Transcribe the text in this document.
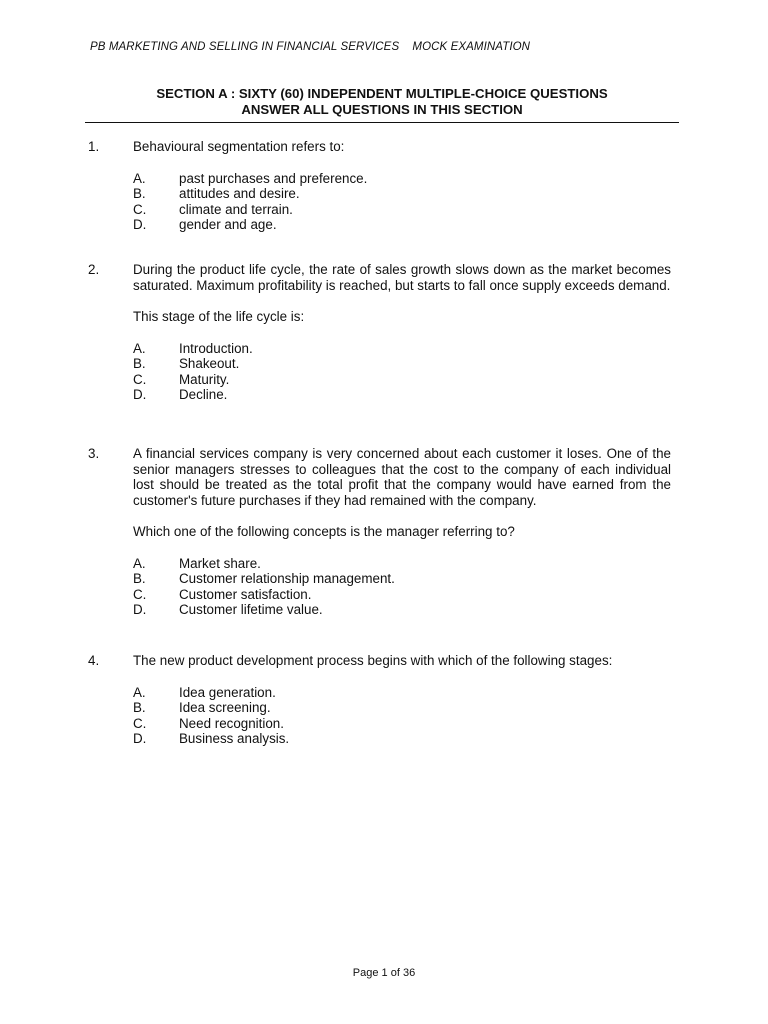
PB MARKETING AND SELLING IN FINANCIAL SERVICES    MOCK EXAMINATION
SECTION A : SIXTY (60) INDEPENDENT MULTIPLE-CHOICE QUESTIONS
ANSWER ALL QUESTIONS IN THIS SECTION
1.	Behavioural segmentation refers to:

A. past purchases and preference.
B. attitudes and desire.
C. climate and terrain.
D. gender and age.
2.	During the product life cycle, the rate of sales growth slows down as the market becomes saturated. Maximum profitability is reached, but starts to fall once supply exceeds demand.

This stage of the life cycle is:

A. Introduction.
B. Shakeout.
C. Maturity.
D. Decline.
3.	A financial services company is very concerned about each customer it loses. One of the senior managers stresses to colleagues that the cost to the company of each individual lost should be treated as the total profit that the company would have earned from the customer's future purchases if they had remained with the company.

Which one of the following concepts is the manager referring to?

A. Market share.
B. Customer relationship management.
C. Customer satisfaction.
D. Customer lifetime value.
4.	The new product development process begins with which of the following stages:

A. Idea generation.
B. Idea screening.
C. Need recognition.
D. Business analysis.
Page 1 of 36
